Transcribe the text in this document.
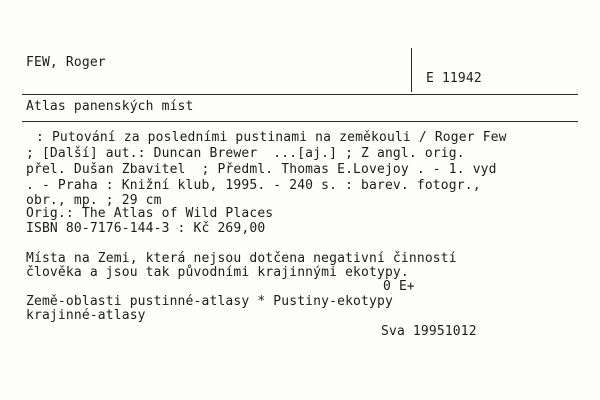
FEW, Roger
E 11942
Atlas panenských míst
: Putování za posledními pustinami na zeměkouli / Roger Few
; [Další] aut.: Duncan Brewer  ...[aj.] ; Z angl. orig.
přel. Dušan Zbavitel  ; Předml. Thomas E.Lovejoy . - 1. vyd
. - Praha : Knižní klub, 1995. - 240 s. : barev. fotogr.,
obr., mp. ; 29 cm
Orig.: The Atlas of Wild Places
ISBN 80-7176-144-3 : Kč 269,00
Místa na Zemi, která nejsou dotčena negativní činností
člověka a jsou tak původními krajinnými ekotypy.
0 E+
Země-oblasti pustinné-atlasy * Pustiny-ekotypy
krajinné-atlasy
Sva 19951012
